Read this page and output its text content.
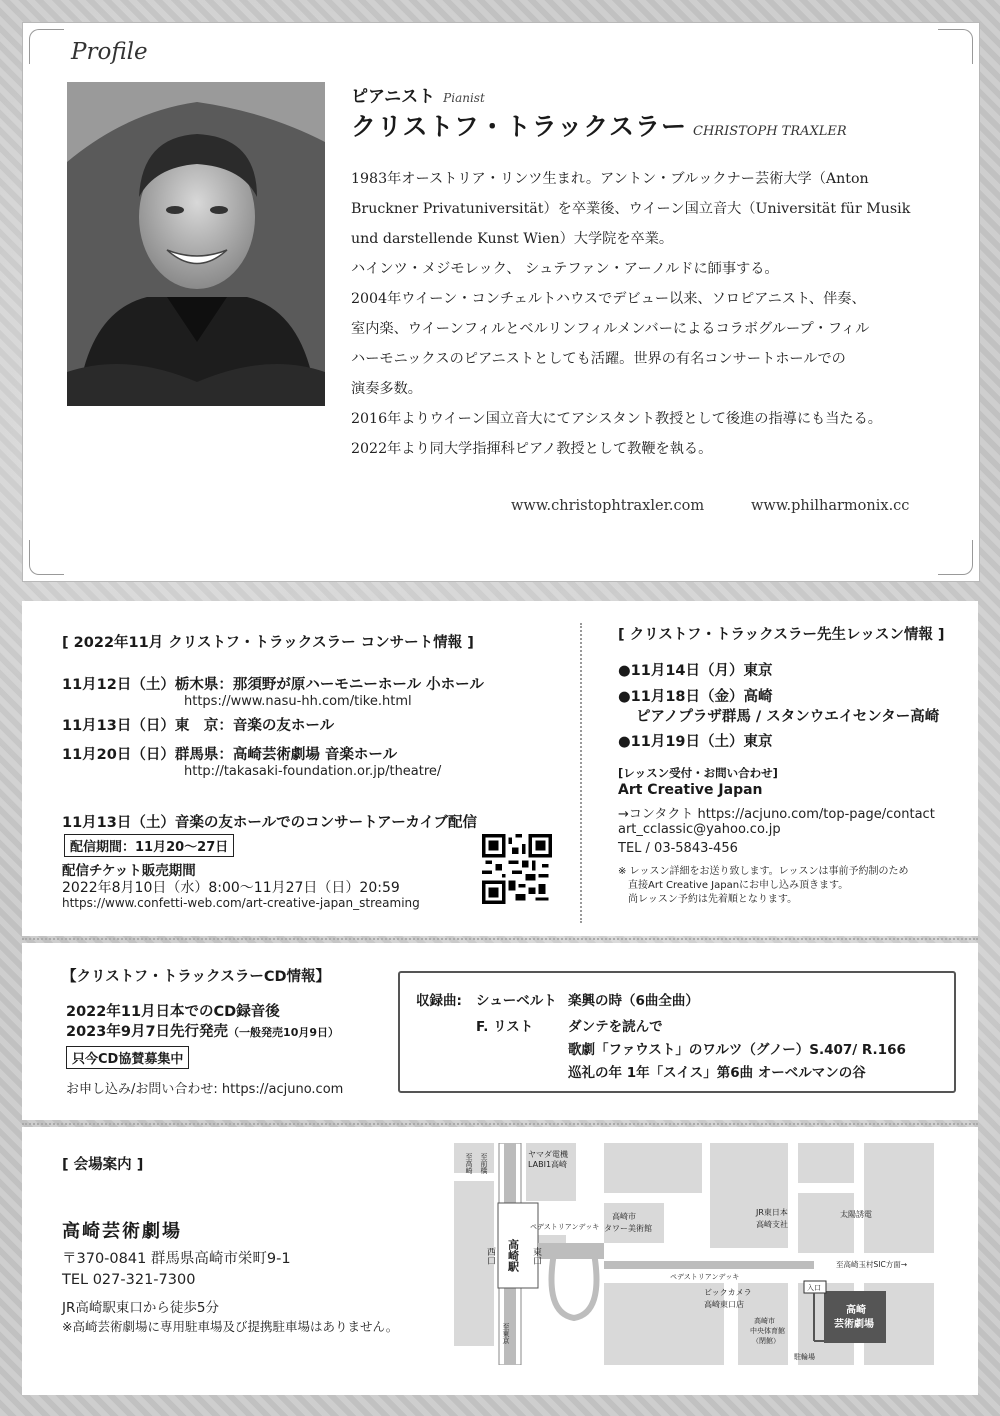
Profile
ピアニスト Pianist
クリストフ・トラックスラー CHRISTOPH TRAXLER
1983年オーストリア・リンツ生まれ。アントン・ブルックナー芸術大学（Anton
Bruckner Privatuniversität）を卒業後、ウイーン国立音大（Universität für Musik
und darstellende Kunst Wien）大学院を卒業。
ハインツ・メジモレック、 シュテファン・アーノルドに師事する。
2004年ウイーン・コンチェルトハウスでデビュー以来、ソロピアニスト、伴奏、
室内楽、ウイーンフィルとベルリンフィルメンバーによるコラボグループ・フィル
ハーモニックスのピアニストとしても活躍。世界の有名コンサートホールでの
演奏多数。
2016年よりウイーン国立音大にてアシスタント教授として後進の指導にも当たる。
2022年より同大学指揮科ピアノ教授として教鞭を執る。
www.christophtraxler.com	www.philharmonix.cc
[ 2022年11月 クリストフ・トラックスラー コンサート情報 ]
11月12日（土）栃木県：那須野が原ハーモニーホール 小ホール
https://www.nasu-hh.com/tike.html
11月13日（日）東　京：音楽の友ホール
11月20日（日）群馬県：高崎芸術劇場 音楽ホール
http://takasaki-foundation.or.jp/theatre/
11月13日（土）音楽の友ホールでのコンサートアーカイブ配信
配信期間：11月20～27日
配信チケット販売期間
2022年8月10日（水）8:00～11月27日（日）20:59
https://www.confetti-web.com/art-creative-japan_streaming
[ クリストフ・トラックスラー先生レッスン情報 ]
●11月14日（月）東京
●11月18日（金）高崎
ピアノプラザ群馬 / スタンウエイセンター高崎
●11月19日（土）東京
[レッスン受付・お問い合わせ]
Art Creative Japan
→コンタクト https://acjuno.com/top-page/contact
art_cclassic@yahoo.co.jp
TEL / 03-5843-456
※ レッスン詳細をお送り致します。レッスンは事前予約制のため
直接Art Creative Japanにお申し込み頂きます。
尚レッスン予約は先着順となります。
【クリストフ・トラックスラーCD情報】
2022年11月日本でのCD録音後
2023年9月7日先行発売（一般発売10月9日）
只今CD協賛募集中
お申し込み/お問い合わせ: https://acjuno.com
収録曲: シューベルト 楽興の時（6曲全曲）
F. リスト	ダンテを読んで
歌劇「ファウスト」のワルツ（グノー）S.407/ R.166
巡礼の年 1年「スイス」第6曲 オーベルマンの谷
[ 会場案内 ]
高崎芸術劇場
〒370-0841 群馬県高崎市栄町9-1
TEL 027-321-7300
JR高崎駅東口から徒歩5分
※高崎芸術劇場に専用駐車場及び提携駐車場はありません。
至高崎 至前橋
至東京
ヤマダ電機
LABI1高崎
ペデストリアンデッキ
高崎市
タワー美術館
高崎駅
西口	東口
ペデストリアンデッキ
JR東日本
高崎支社
太陽誘電
至高崎玉村SIC方面→
入口
ビックカメラ
高崎東口店
高崎市
中央体育館
（閉館）
高崎
芸術劇場
駐輪場
